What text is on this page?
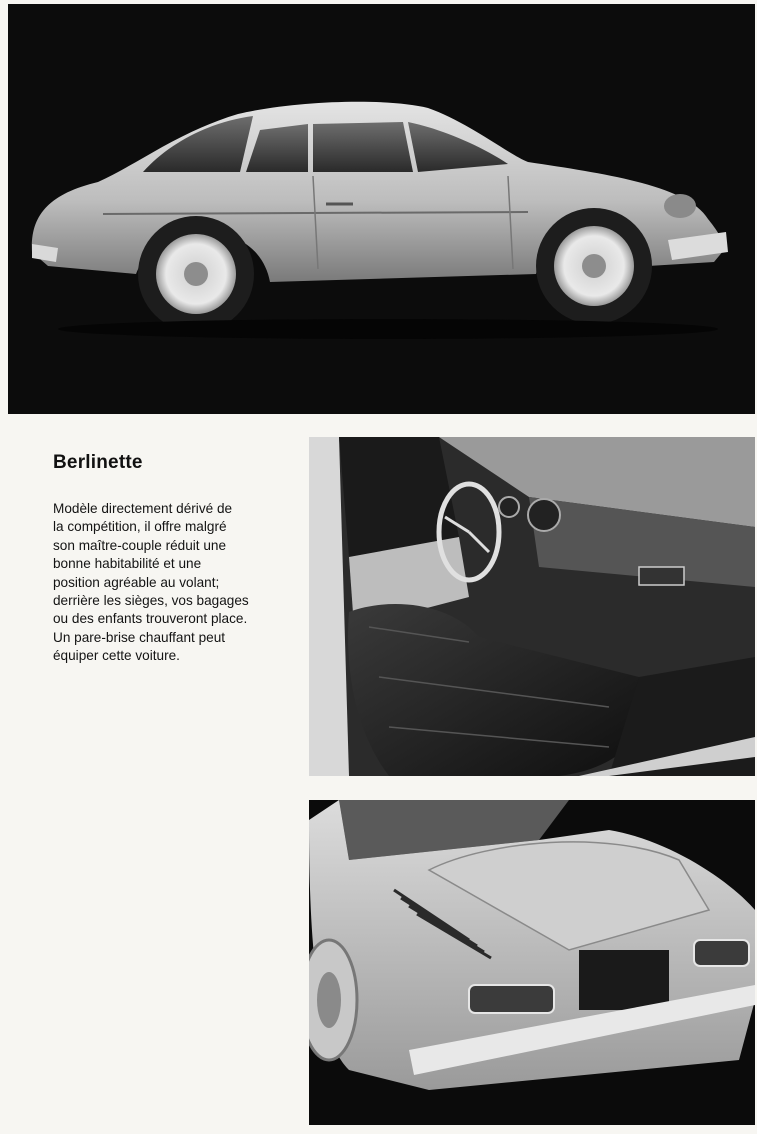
Berlinette
Modèle directement dérivé de
la compétition, il offre malgré
son maître-couple réduit une
bonne habitabilité et une
position agréable au volant;
derrière les sièges, vos bagages
ou des enfants trouveront place.
Un pare-brise chauffant peut
équiper cette voiture.
